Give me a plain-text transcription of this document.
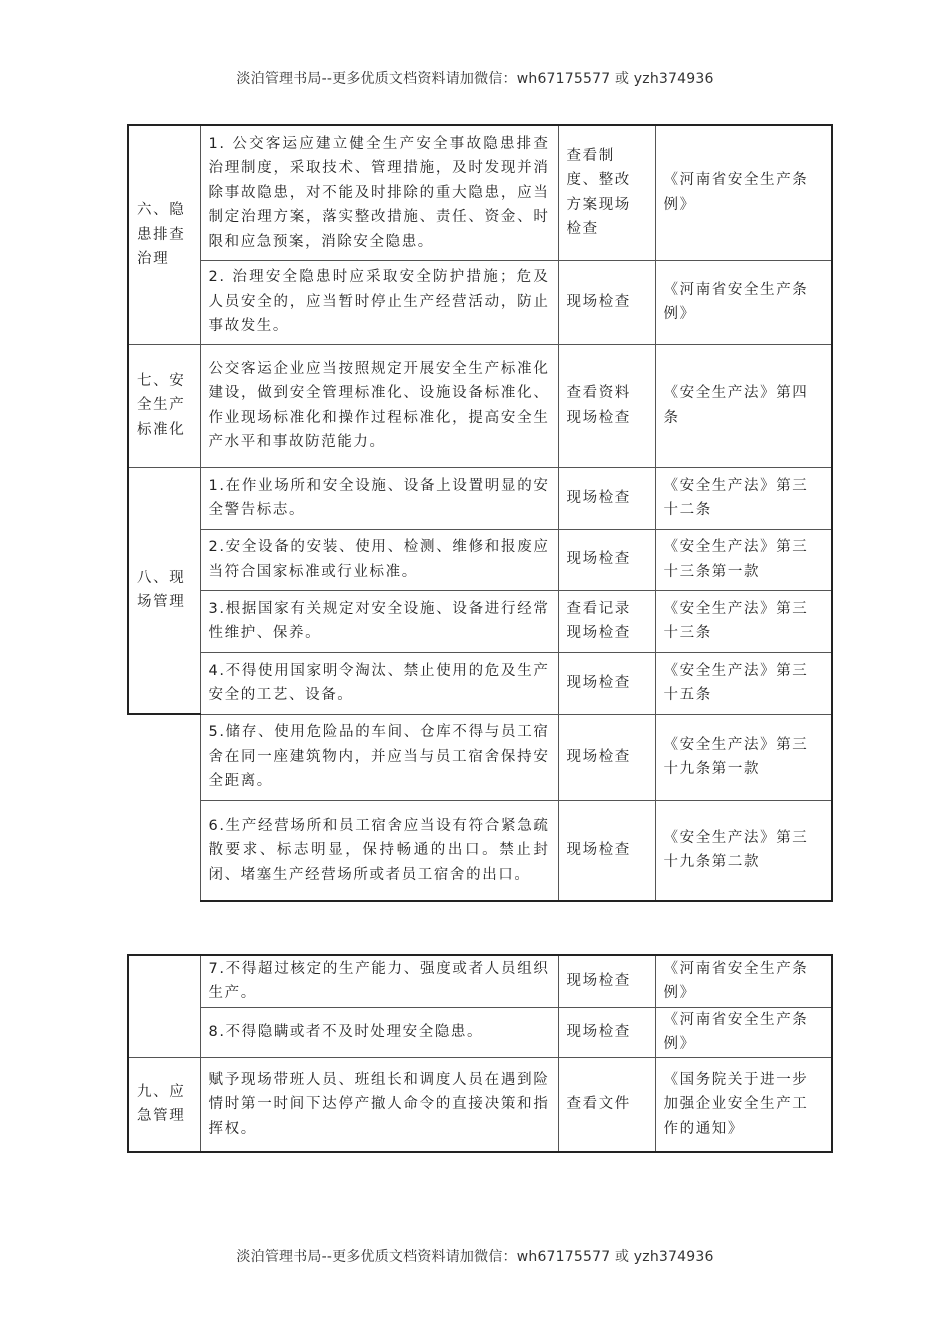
淡泊管理书局--更多优质文档资料请加微信：wh67175577 或 yzh374936
六、隐患排查治理	1. 公交客运应建立健全生产安全事故隐患排查治理制度，采取技术、管理措施，及时发现并消除事故隐患，对不能及时排除的重大隐患，应当制定治理方案，落实整改措施、责任、资金、时限和应急预案，消除安全隐患。	查看制度、整改方案现场检查	《河南省安全生产条例》
	2. 治理安全隐患时应采取安全防护措施；危及人员安全的，应当暂时停止生产经营活动，防止事故发生。	现场检查	《河南省安全生产条例》
七、安全生产标准化	公交客运企业应当按照规定开展安全生产标准化建设，做到安全管理标准化、设施设备标准化、作业现场标准化和操作过程标准化，提高安全生产水平和事故防范能力。	查看资料现场检查	《安全生产法》第四条
八、现场管理	1.在作业场所和安全设施、设备上设置明显的安全警告标志。	现场检查	《安全生产法》第三十二条
	2.安全设备的安装、使用、检测、维修和报废应当符合国家标准或行业标准。	现场检查	《安全生产法》第三十三条第一款
	3.根据国家有关规定对安全设施、设备进行经常性维护、保养。	查看记录现场检查	《安全生产法》第三十三条
	4.不得使用国家明令淘汰、禁止使用的危及生产安全的工艺、设备。	现场检查	《安全生产法》第三十五条
	5.储存、使用危险品的车间、仓库不得与员工宿舍在同一座建筑物内，并应当与员工宿舍保持安全距离。	现场检查	《安全生产法》第三十九条第一款
	6.生产经营场所和员工宿舍应当设有符合紧急疏散要求、标志明显，保持畅通的出口。禁止封闭、堵塞生产经营场所或者员工宿舍的出口。	现场检查	《安全生产法》第三十九条第二款
	7.不得超过核定的生产能力、强度或者人员组织生产。	现场检查	《河南省安全生产条例》
	8.不得隐瞒或者不及时处理安全隐患。	现场检查	《河南省安全生产条例》
九、应急管理	赋予现场带班人员、班组长和调度人员在遇到险情时第一时间下达停产撤人命令的直接决策和指挥权。	查看文件	《国务院关于进一步加强企业安全生产工作的通知》
淡泊管理书局--更多优质文档资料请加微信：wh67175577 或 yzh374936
